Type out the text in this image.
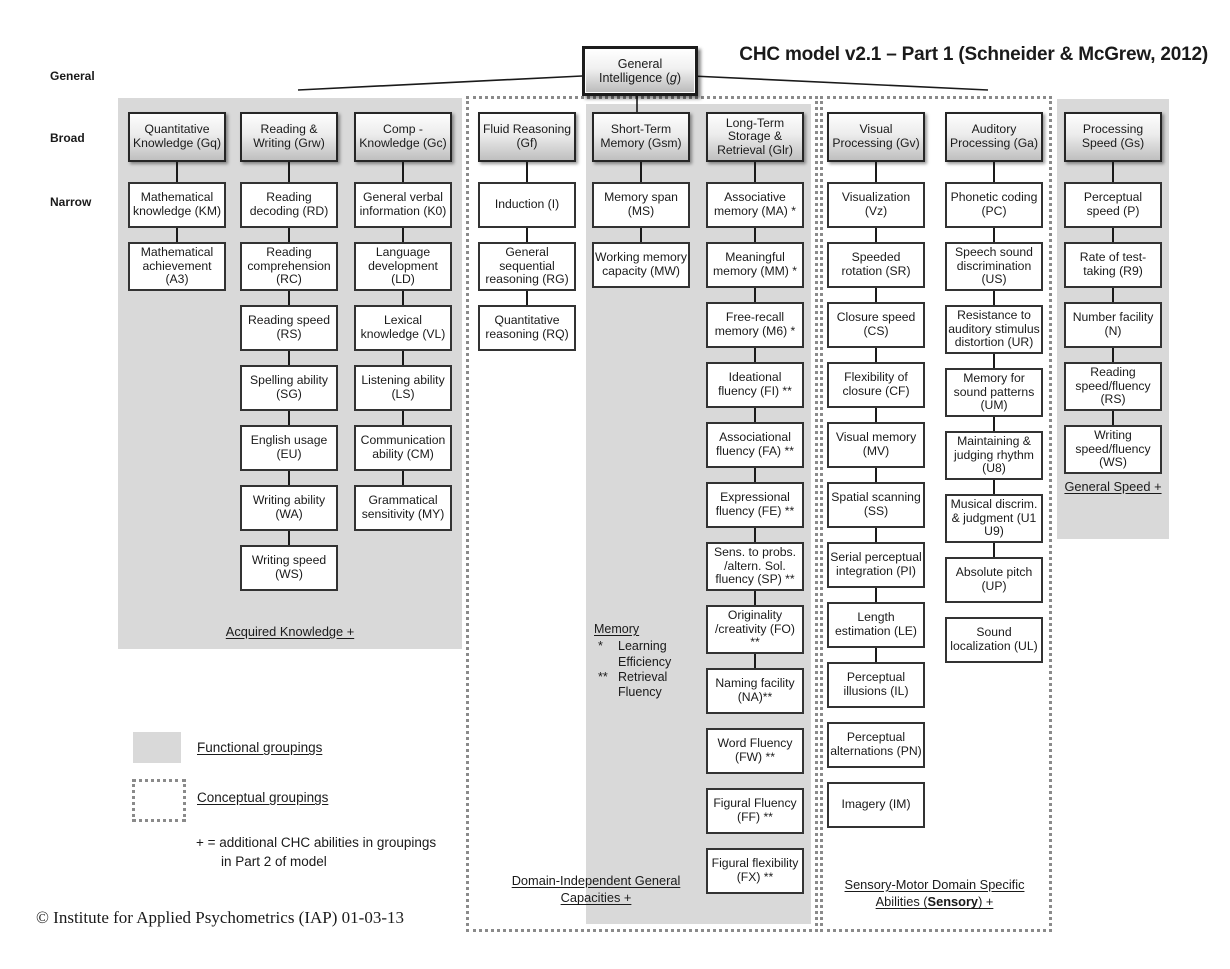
CHC model v2.1 – Part 1 (Schneider & McGrew, 2012)
General
Broad
Narrow
General
Intelligence (g)
Quantitative Knowledge (Gq)
Mathematical knowledge (KM)
Mathematical achievement (A3)
Reading & Writing (Grw)
Reading decoding (RD)
Reading comprehension (RC)
Reading speed (RS)
Spelling ability (SG)
English usage (EU)
Writing ability (WA)
Writing speed (WS)
Comp - Knowledge (Gc)
General verbal information (K0)
Language development (LD)
Lexical knowledge (VL)
Listening ability (LS)
Communication ability (CM)
Grammatical sensitivity (MY)
Fluid Reasoning (Gf)
Induction (I)
General sequential reasoning (RG)
Quantitative reasoning (RQ)
Short-Term Memory (Gsm)
Memory span (MS)
Working memory capacity (MW)
Long-Term Storage & Retrieval (Glr)
Associative memory (MA) *
Meaningful memory (MM) *
Free-recall memory (M6) *
Ideational fluency (FI) **
Associational fluency (FA) **
Expressional fluency (FE) **
Sens. to probs. /altern. Sol. fluency (SP) **
Originality /creativity (FO) **
Naming facility (NA)**
Word Fluency (FW) **
Figural Fluency (FF) **
Figural flexibility (FX) **
Visual Processing (Gv)
Visualization (Vz)
Speeded rotation (SR)
Closure speed (CS)
Flexibility of closure (CF)
Visual memory (MV)
Spatial scanning (SS)
Serial perceptual integration (PI)
Length estimation (LE)
Perceptual illusions (IL)
Perceptual alternations (PN)
Imagery (IM)
Auditory Processing (Ga)
Phonetic coding (PC)
Speech sound discrimination (US)
Resistance to auditory stimulus distortion (UR)
Memory for sound patterns (UM)
Maintaining & judging rhythm (U8)
Musical discrim. & judgment (U1 U9)
Absolute pitch (UP)
Sound localization (UL)
Processing Speed (Gs)
Perceptual speed (P)
Rate of test-taking (R9)
Number facility (N)
Reading speed/fluency (RS)
Writing speed/fluency (WS)
Acquired Knowledge +
Domain-Independent General Capacities +
Sensory-Motor Domain Specific Abilities (Sensory) +
General Speed +
Memory
*	Learning Efficiency
** Retrieval Fluency
Functional groupings
Conceptual groupings
+ = additional CHC abilities in groupings
in Part 2 of model
© Institute for Applied Psychometrics (IAP) 01-03-13
